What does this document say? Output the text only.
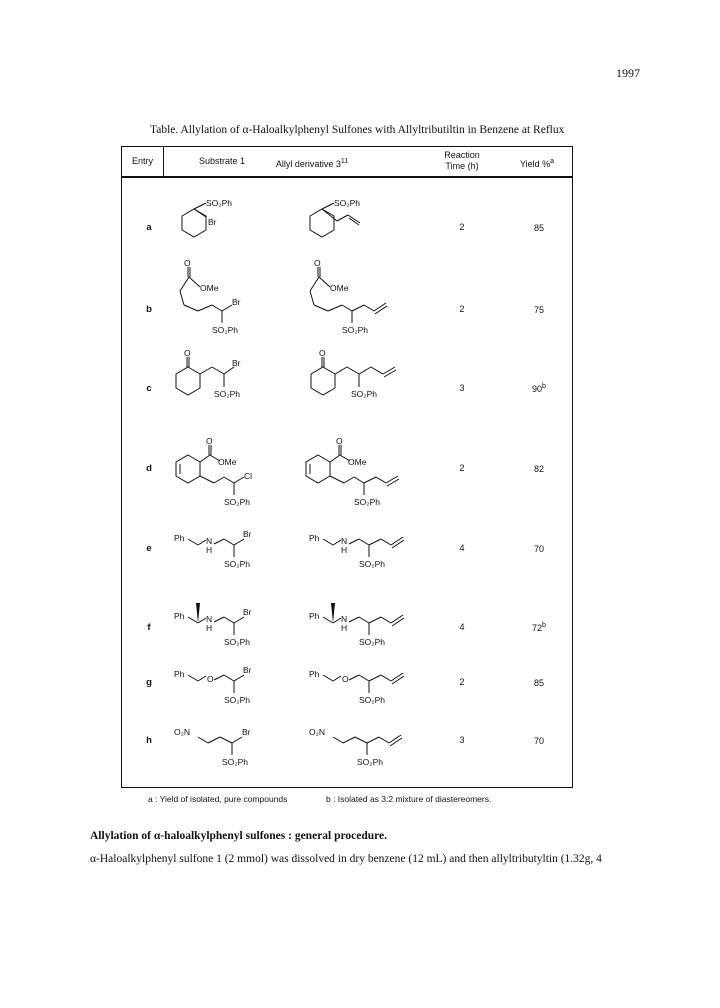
1997
Table. Allylation of α-Haloalkylphenyl Sulfones with Allyltributiltin in Benzene at Reflux
Entry	Substrate 1	Allyl derivative $3^{11}$
Reaction
Time (h)	Yield %$^a$
a	2	85
b	2	75
c	3	90$^b$
d	2	82
e	4	70
f	4	72$^b$
g	2	85
h	3	70
SO₂Ph
Br
SO₂Ph
O
OMe
Br
SO₂Ph
O
OMe
SO₂Ph
O
Br
SO₂Ph
O
SO₂Ph
O
OMe
Cl
SO₂Ph
O
OMe
SO₂Ph
Ph	N
H
Br
SO₂Ph
Ph	N
H
SO₂Ph
Ph	N
H
Br
SO₂Ph
Ph	N
H
SO₂Ph
Ph	O
Br
SO₂Ph
Ph	O
SO₂Ph
O₂N	Br
SO₂Ph
O₂N
SO₂Ph
a : Yield of isolated, pure compounds	b : Isolated as 3:2 mixture of diastereomers.
Allylation of α-haloalkylphenyl sulfones : general procedure.
α-Haloalkylphenyl sulfone 1 (2 mmol) was dissolved in dry benzene (12 mL) and then allyltributyltin (1.32g, 4
